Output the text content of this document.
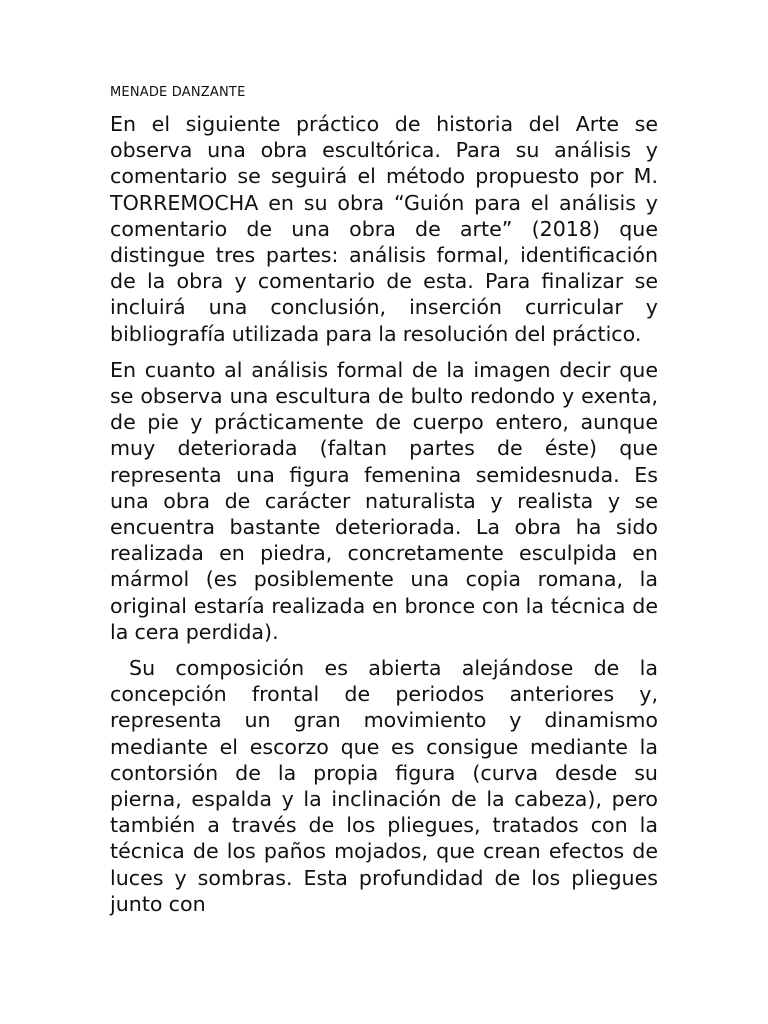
MENADE DANZANTE

En el siguiente práctico de historia del Arte se observa una obra escultórica. Para su análisis y comentario se seguirá el método propuesto por M. TORREMOCHA en su obra “Guión para el análisis y comentario de una obra de arte” (2018) que distingue tres partes: análisis formal, identificación de la obra y comentario de esta. Para finalizar se incluirá una conclusión, inserción curricular y bibliografía utilizada para la resolución del práctico.

En cuanto al análisis formal de la imagen decir que se observa una escultura de bulto redondo y exenta, de pie y prácticamente de cuerpo entero, aunque muy deteriorada (faltan partes de éste) que representa una figura femenina semidesnuda. Es una obra de carácter naturalista y realista y se encuentra bastante deteriorada. La obra ha sido realizada en piedra, concretamente esculpida en mármol (es posiblemente una copia romana, la original estaría realizada en bronce con la técnica de la cera perdida).

Su composición es abierta alejándose de la concepción frontal de periodos anteriores y, representa un gran movimiento y dinamismo mediante el escorzo que es consigue mediante la contorsión de la propia figura (curva desde su pierna, espalda y la inclinación de la cabeza), pero también a través de los pliegues, tratados con la técnica de los paños mojados, que crean efectos de luces y sombras. Esta profundidad de los pliegues junto con
